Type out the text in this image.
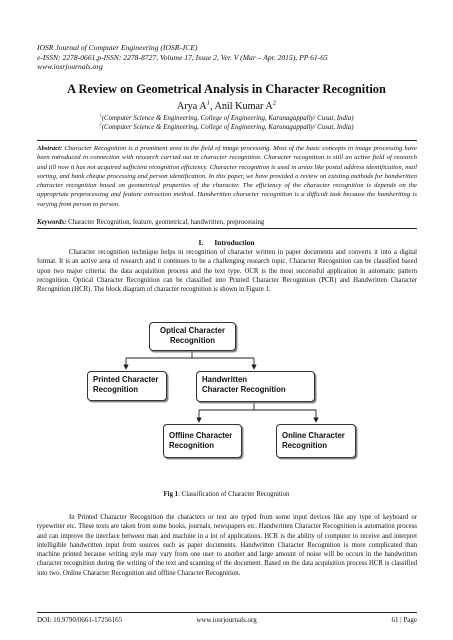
IOSR Journal of Computer Engineering (IOSR-JCE)
e-ISSN: 2278-0661,p-ISSN: 2278-8727, Volume 17, Issue 2, Ver. V (Mar – Apr. 2015), PP 61-65
www.iosrjournals.org
A Review on Geometrical Analysis in Character Recognition
Arya $A^1$, Anil Kumar $A^2$
$^1$(Computer Science & Engineering, College of Engineering, Karunagappally/ Cusat, India)
$^2$(Computer Science & Engineering, College of Engineering, Karunagappally/ Cusat, India)
Abstract: Character Recognition is a prominent area in the field of image processing. Most of the basic concepts in image processing have been introduced in connection with research carried out in character recognition. Character recognition is still an active field of research and till now it has not acquired sufficient recognition efficiency. Character recognition is used in areas like postal address identification, mail sorting, and bank cheque processing and person identification. In this paper, we have provided a review on existing methods for handwritten character recognition based on geometrical properties of the character. The efficiency of the character recognition is depends on the appropriate preprocessing and feature extraction method. Handwritten character recognition is a difficult task because the handwriting is varying from person to person.
Keywords: Character Recognition, feature, geometrical, handwritten, preprocessing
I.      Introduction
Character recognition technique helps in recognition of character written in paper documents and converts it into a digital format. It is an active area of research and it continues to be a challenging research topic. Character Recognition can be classified based upon two major criteria: the data acquisition process and the text type. OCR is the most successful application in automatic pattern recognition. Optical Character Recognition can be classified into Printed Character Recognition (PCR) and Handwritten Character Recognition (HCR). The block diagram of character recognition is shown in Figure 1.
Optical Character
Recognition
Printed Character
Recognition
Handwritten
Character Recognition
Offline Character
Recognition
Online Character
Recognition
Fig 1: Classification of Character Recognition
In Printed Character Recognition the characters or text are typed from some input devices like any type of keyboard or typewriter etc. These texts are taken from some books, journals, newspapers etc. Handwritten Character Recognition is automation process and can improve the interface between man and machine in a lot of applications. HCR is the ability of computer to receive and interpret intelligible handwritten input from sources such as paper documents. Handwritten Character Recognition is more complicated than machine printed because writing style may vary from one user to another and large amount of noise will be occurs in the handwritten character recognition during the writing of the text and scanning of the document. Based on the data acquisition process HCR is classified into two. Online Character Recognition and offline Character Recognition.
DOI: 10.9790/0661-17256165	www.iosrjournals.org	61 | Page
